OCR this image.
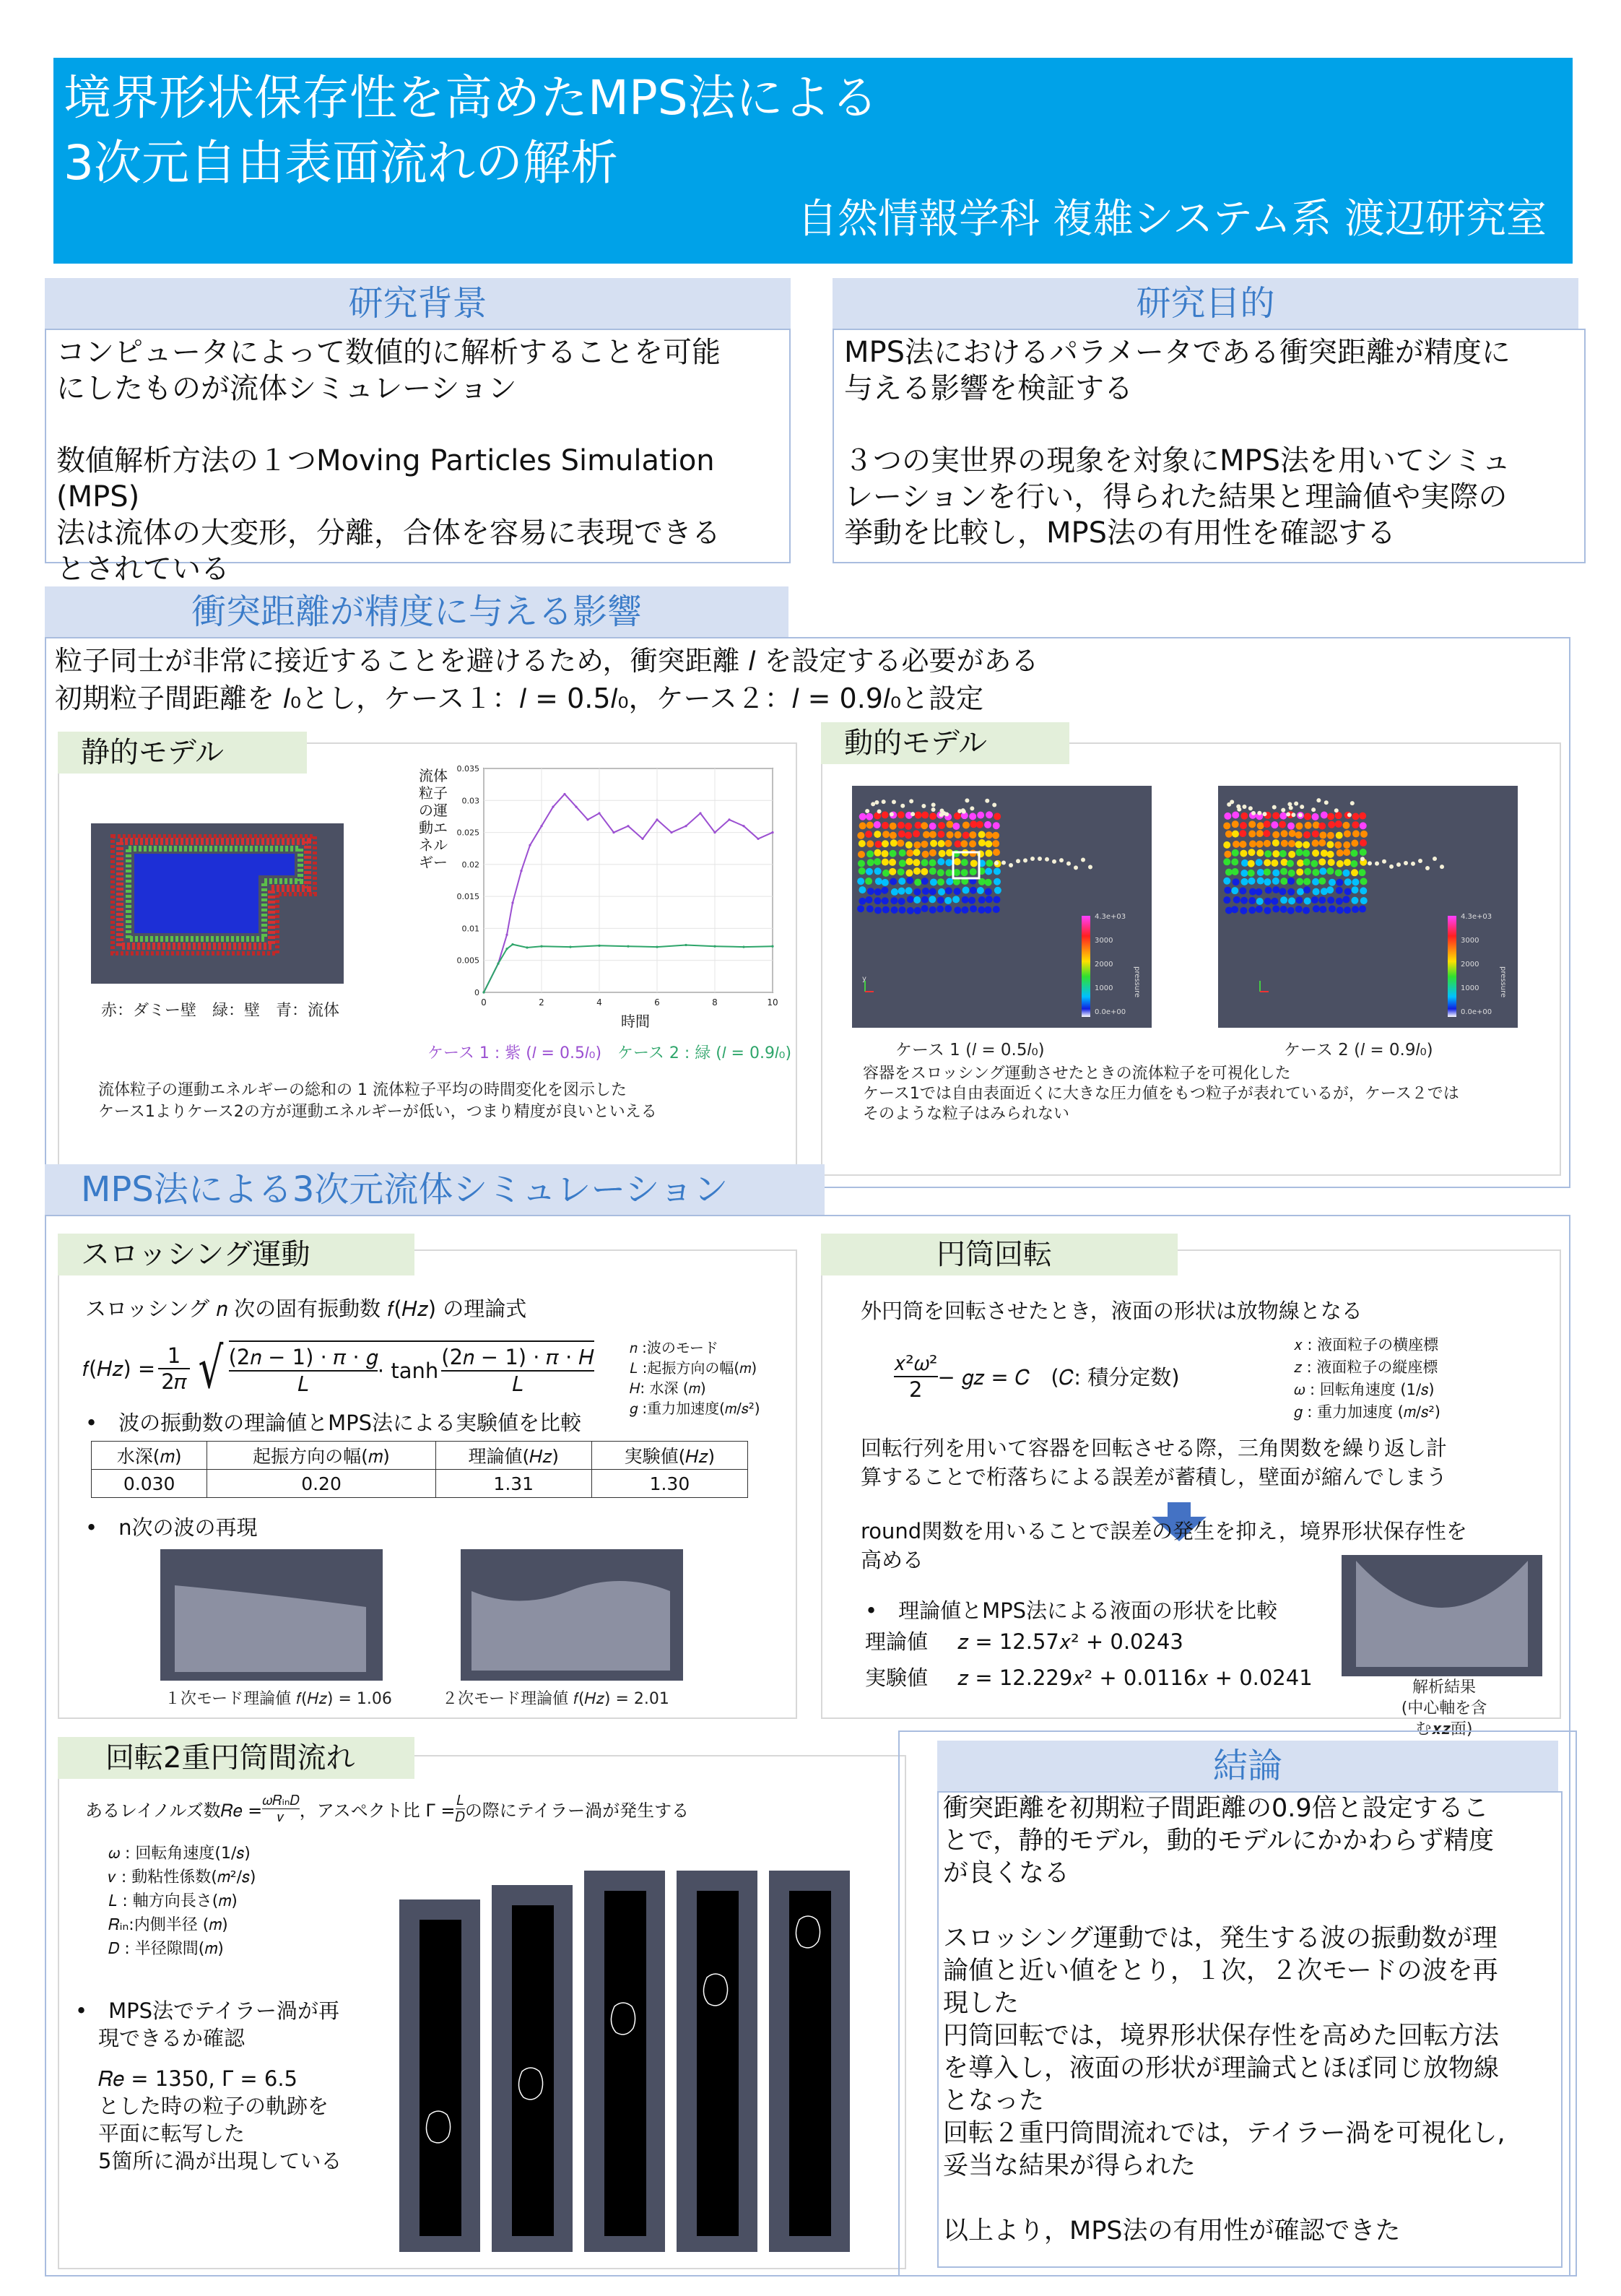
境界形状保存性を高めたMPS法による
3次元自由表面流れの解析
自然情報学科 複雑システム系 渡辺研究室
研究背景
コンピュータによって数値的に解析することを可能
にしたものが流体シミュレーション
数値解析方法の１つMoving Particles Simulation (MPS)
法は流体の大変形，分離，合体を容易に表現できる
とされている
研究目的
MPS法におけるパラメータである衝突距離が精度に
与える影響を検証する
３つの実世界の現象を対象にMPS法を用いてシミュ
レーションを行い，得られた結果と理論値や実際の
挙動を比較し，MPS法の有用性を確認する
衝突距離が精度に与える影響
粒子同士が非常に接近することを避けるため，衝突距離 𝑙 を設定する必要がある
初期粒子間距離を 𝑙₀とし，ケース１：𝑙 = 0.5𝑙₀，ケース２：𝑙 = 0.9𝑙₀と設定
静的モデル
赤：ダミー壁　緑：壁　青：流体
流体粒子の運動エネルギー
0
0.005
0.01
0.015
0.02
0.025
0.03
0.035
0	2	4	6	8	10
時間
ケース 1 : 紫 (𝑙 = 0.5𝑙₀) ケース 2 : 緑 (𝑙 = 0.9𝑙₀)
流体粒子の運動エネルギーの総和の 1 流体粒子平均の時間変化を図示した
ケース1よりケース2の方が運動エネルギーが低い，つまり精度が良いといえる
動的モデル
4.3e+03
3000
2000
1000
0.0e+00
pressure
y
4.3e+03
3000
2000
1000
0.0e+00
pressure
ケース 1 (𝑙 = 0.5𝑙₀)	ケース 2 (𝑙 = 0.9𝑙₀)
容器をスロッシング運動させたときの流体粒子を可視化した
ケース1では自由表面近くに大きな圧力値をもつ粒子が表れているが，ケース２では
そのような粒子はみられない
MPS法による3次元流体シミュレーション
スロッシング運動
スロッシング 𝑛 次の固有振動数 𝑓(𝐻𝑧) の理論式
𝑓(𝐻𝑧) =
1
2𝜋 √ (2𝑛 − 1) ⋅ 𝜋 ⋅ 𝑔
𝐿
⋅ tanh
(2𝑛 − 1) ⋅ 𝜋 ⋅ 𝐻
𝐿
𝑛 :波のモード
𝐿 :起振方向の幅(𝑚)
𝐻: 水深 (𝑚)
𝑔 :重力加速度(𝑚/𝑠²)
•　波の振動数の理論値とMPS法による実験値を比較
水深(𝑚)	起振方向の幅(𝑚)	理論値(𝐻𝑧)	実験値(𝐻𝑧)
0.030	0.20	1.31	1.30
•　n次の波の再現
１次モード理論値 𝑓(𝐻𝑧) = 1.06	２次モード理論値 𝑓(𝐻𝑧) = 2.01
円筒回転
外円筒を回転させたとき，液面の形状は放物線となる
𝑥²𝜔²
2 − 𝑔𝑧 = 𝐶　(𝐶: 積分定数)
𝑥 : 液面粒子の横座標
𝑧 : 液面粒子の縦座標
𝜔 : 回転角速度 (1/𝑠)
𝑔 : 重力加速度 (𝑚/𝑠²)
回転行列を用いて容器を回転させる際，三角関数を繰り返し計
算することで桁落ちによる誤差が蓄積し，壁面が縮んでしまう
round関数を用いることで誤差の発生を抑え，境界形状保存性を
高める
•　理論値とMPS法による液面の形状を比較
理論値 𝑧 = 12.57𝑥² + 0.0243
実験値 𝑧 = 12.229𝑥² + 0.0116𝑥 + 0.0241	解析結果
(中心軸を含む𝒙𝒛面)
回転2重円筒間流れ
あるレイノルズ数𝑅𝑒 = 𝜔𝑅ᵢₙ𝐷
𝜈 ，アスペクト比 Γ = 𝐿
𝐷 の際にテイラー渦が発生する
𝜔 : 回転角速度(1/𝑠)
𝜈 : 動粘性係数(𝑚²/𝑠)
𝐿 : 軸方向長さ(𝑚)
𝑅ᵢₙ:内側半径 (𝑚)
𝐷 : 半径隙間(𝑚)
•　MPS法でテイラー渦が再
現できるか確認
𝑅𝑒 = 1350, Γ = 6.5
とした時の粒子の軌跡を
平面に転写した
5箇所に渦が出現している
結論
衝突距離を初期粒子間距離の0.9倍と設定するこ
とで，静的モデル，動的モデルにかかわらず精度
が良くなる
スロッシング運動では，発生する波の振動数が理
論値と近い値をとり，１次，２次モードの波を再
現した
円筒回転では，境界形状保存性を高めた回転方法
を導入し，液面の形状が理論式とほぼ同じ放物線
となった
回転２重円筒間流れでは，テイラー渦を可視化し,
妥当な結果が得られた
以上より，MPS法の有用性が確認できた
